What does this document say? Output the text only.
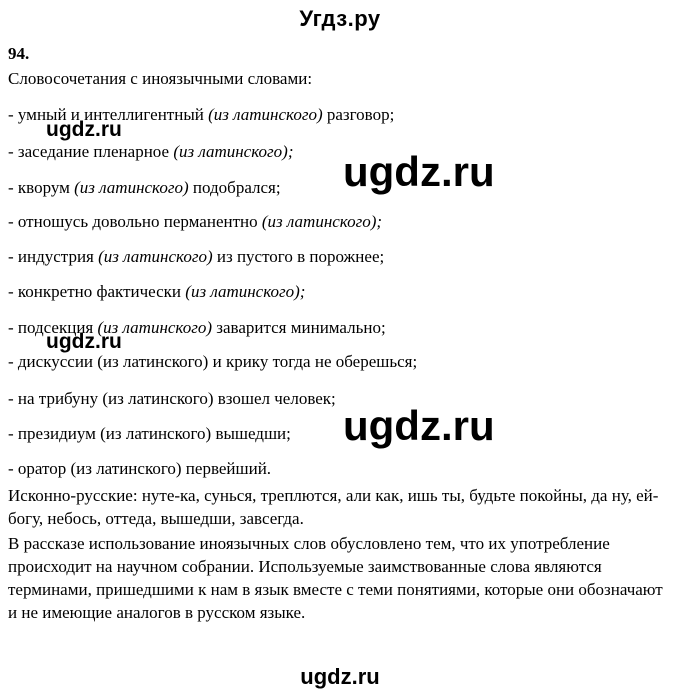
Угдз.ру
94.
Словосочетания с иноязычными словами:
- умный и интеллигентный (из латинского) разговор;
- заседание пленарное (из латинского);
- кворум (из латинского) подобрался;
- отношусь довольно перманентно (из латинского);
- индустрия (из латинского) из пустого в порожнее;
- конкретно фактически (из латинского);
- подсекция (из латинского) заварится минимально;
- дискуссии (из латинского) и крику тогда не оберешься;
- на трибуну (из латинского) взошел человек;
- президиум (из латинского) вышедши;
- оратор (из латинского) первейший.
Исконно-русские: нуте-ка, сунься, треплются, али как, ишь ты, будьте покойны, да ну, ей-богу, небось, оттеда, вышедши, завсегда.
В рассказе использование иноязычных слов обусловлено тем, что их употребление происходит на научном собрании. Используемые заимствованные слова являются терминами, пришедшими к нам в язык вместе с теми понятиями, которые они обозначают и не имеющие аналогов в русском языке.
ugdz.ru
ugdz.ru
ugdz.ru
ugdz.ru
ugdz.ru
